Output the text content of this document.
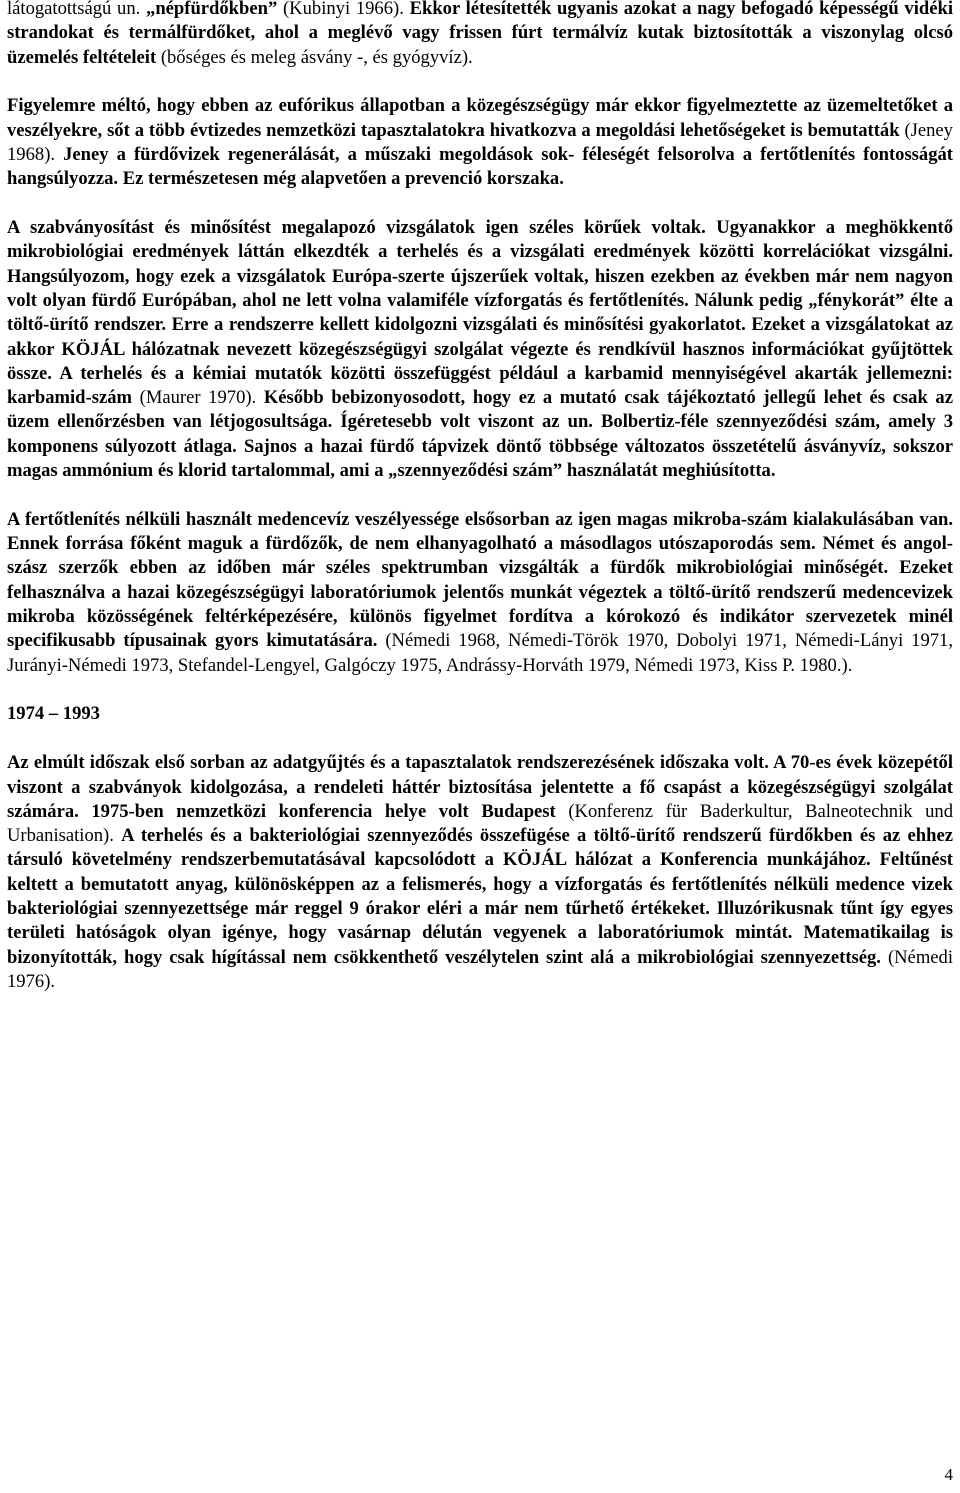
látogatottságú un. „népfürdőkben” (Kubinyi 1966). Ekkor létesítették ugyanis azokat a nagy befogadó képességű vidéki strandokat és termálfürdőket, ahol a meglévő vagy frissen fúrt termálvíz kutak biztosították a viszonylag olcsó üzemelés feltételeit (bőséges és meleg ásvány -, és gyógyvíz).

Figyelemre méltó, hogy ebben az eufórikus állapotban a közegészségügy már ekkor figyelmeztette az üzemeltetőket a veszélyekre, sőt a több évtizedes nemzetközi tapasztalatokra hivatkozva a megoldási lehetőségeket is bemutatták (Jeney 1968). Jeney a fürdővizek regenerálását, a műszaki megoldások sok- féleségét felsorolva a fertőtlenítés fontosságát hangsúlyozza. Ez természetesen még alapvetően a prevenció korszaka.

A szabványosítást és minősítést megalapozó vizsgálatok igen széles körűek voltak. Ugyanakkor a meghökkentő mikrobiológiai eredmények láttán elkezdték a terhelés és a vizsgálati eredmények közötti korrelációkat vizsgálni. Hangsúlyozom, hogy ezek a vizsgálatok Európa-szerte újszerűek voltak, hiszen ezekben az években már nem nagyon volt olyan fürdő Európában, ahol ne lett volna valamiféle vízforgatás és fertőtlenítés. Nálunk pedig „fénykorát” élte a töltő-ürítő rendszer. Erre a rendszerre kellett kidolgozni vizsgálati és minősítési gyakorlatot. Ezeket a vizsgálatokat az akkor KÖJÁL hálózatnak nevezett közegészségügyi szolgálat végezte és rendkívül hasznos információkat gyűjtöttek össze. A terhelés és a kémiai mutatók közötti összefüggést például a karbamid mennyiségével akarták jellemezni: karbamid-szám (Maurer 1970). Később bebizonyosodott, hogy ez a mutató csak tájékoztató jellegű lehet és csak az üzem ellenőrzésben van létjogosultsága. Ígéretesebb volt viszont az un. Bolbertiz-féle szennyeződési szám, amely 3 komponens súlyozott átlaga. Sajnos a hazai fürdő tápvizek döntő többsége változatos összetételű ásványvíz, sokszor magas ammónium és klorid tartalommal, ami a „szennyeződési szám” használatát meghiúsította.

A fertőtlenítés nélküli használt medencevíz veszélyessége elsősorban az igen magas mikroba-szám kialakulásában van. Ennek forrása főként maguk a fürdőzők, de nem elhanyagolható a másodlagos utószaporodás sem. Német és angol-szász szerzők ebben az időben már széles spektrumban vizsgálták a fürdők mikrobiológiai minőségét. Ezeket felhasználva a hazai közegészségügyi laboratóriumok jelentős munkát végeztek a töltő-ürítő rendszerű medencevizek mikroba közösségének feltérképezésére, különös figyelmet fordítva a kórokozó és indikátor szervezetek minél specifikusabb típusainak gyors kimutatására. (Némedi 1968, Némedi-Török 1970, Dobolyi 1971, Némedi-Lányi 1971, Jurányi-Némedi 1973, Stefandel-Lengyel, Galgóczy 1975, Andrássy-Horváth 1979, Némedi 1973, Kiss P. 1980.).

1974 – 1993

Az elmúlt időszak első sorban az adatgyűjtés és a tapasztalatok rendszerezésének időszaka volt. A 70-es évek közepétől viszont a szabványok kidolgozása, a rendeleti háttér biztosítása jelentette a fő csapást a közegészségügyi szolgálat számára. 1975-ben nemzetközi konferencia helye volt Budapest (Konferenz für Baderkultur, Balneotechnik und Urbanisation). A terhelés és a bakteriológiai szennyeződés összefügése a töltő-ürítő rendszerű fürdőkben és az ehhez társuló követelmény rendszerbemutatásával kapcsolódott a KÖJÁL hálózat a Konferencia munkájához. Feltűnést keltett a bemutatott anyag, különösképpen az a felismerés, hogy a vízforgatás és fertőtlenítés nélküli medence vizek bakteriológiai szennyezettsége már reggel 9 órakor eléri a már nem tűrhető értékeket. Illuzórikusnak tűnt így egyes területi hatóságok olyan igénye, hogy vasárnap délután vegyenek a laboratóriumok mintát. Matematikailag is bizonyították, hogy csak hígítással nem csökkenthető veszélytelen szint alá a mikrobiológiai szennyezettség. (Némedi 1976).

4
